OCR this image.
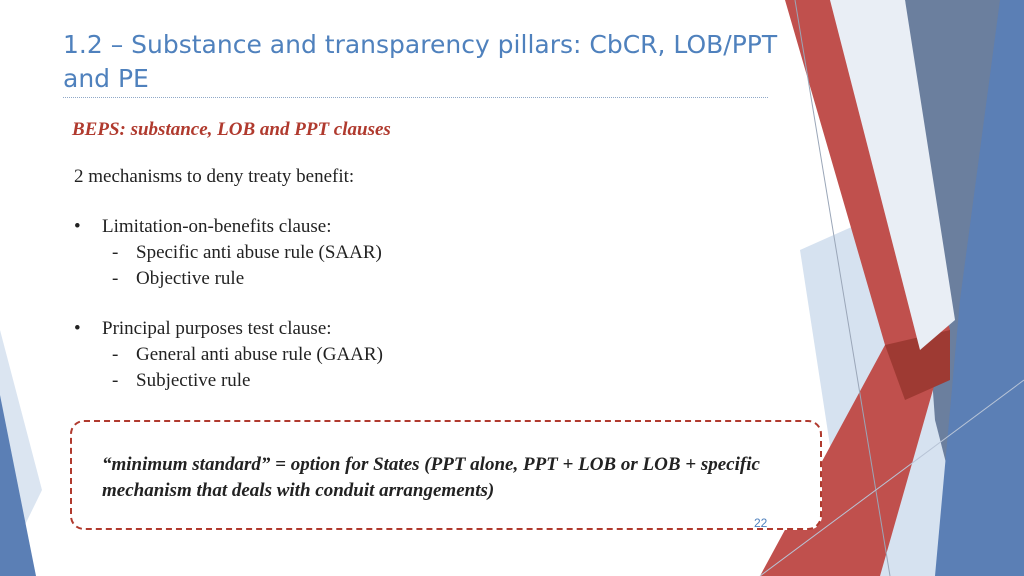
1.2 – Substance and transparency pillars: CbCR, LOB/PPT and PE
BEPS: substance, LOB and PPT clauses
2 mechanisms to deny treaty benefit:
• Limitation-on-benefits clause:
- Specific anti abuse rule (SAAR)
- Objective rule
• Principal purposes test clause:
- General anti abuse rule (GAAR)
- Subjective rule
“minimum standard” = option for States (PPT alone, PPT + LOB or LOB + specific mechanism that deals with conduit arrangements)
22
